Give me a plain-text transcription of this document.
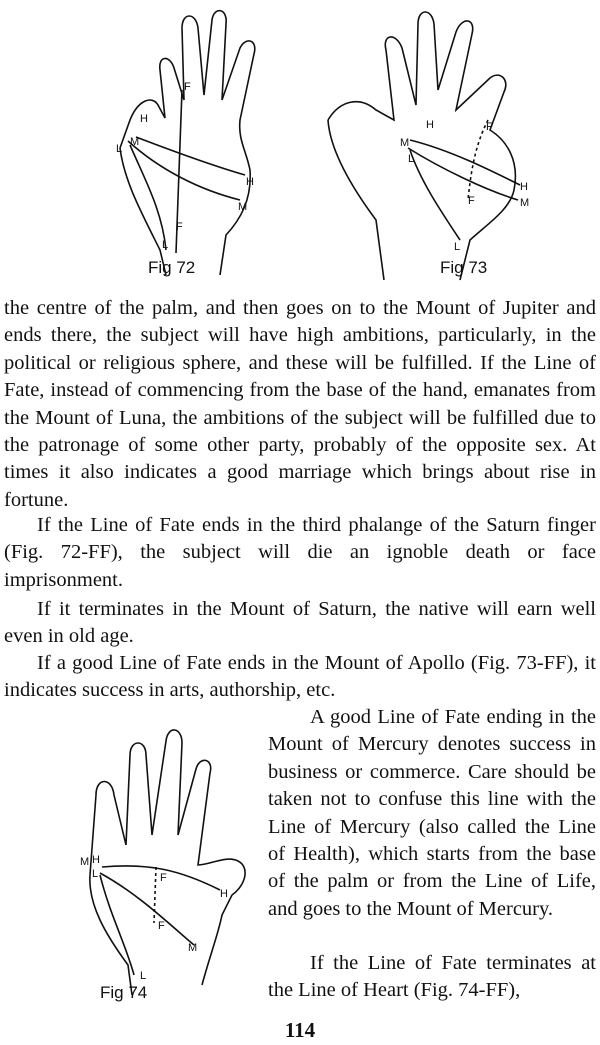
F
H
L
M
H
M
F
L
Fig 72
H	F
M
L
H
M
F
L
Fig 73

the centre of the palm, and then goes on to the Mount of Jupiter and ends there, the subject will have high ambitions, particularly, in the political or religious sphere, and these will be fulfilled. If the Line of Fate, instead of commencing from the base of the hand, emanates from the Mount of Luna, the ambitions of the subject will be fulfilled due to the patronage of some other party, probably of the opposite sex. At times it also indicates a good marriage which brings about rise in fortune.

If the Line of Fate ends in the third phalange of the Saturn finger (Fig. 72-FF), the subject will die an ignoble death or face imprisonment.

If it terminates in the Mount of Saturn, the native will earn well even in old age.

If a good Line of Fate ends in the Mount of Apollo (Fig. 73-FF), it indicates success in arts, authorship, etc.

M H
L	F
H
F
M
L
Fig 74

A good Line of Fate ending in the Mount of Mercury denotes success in business or commerce. Care should be taken not to confuse this line with the Line of Mercury (also called the Line of Health), which starts from the base of the palm or from the Line of Life, and goes to the Mount of Mercury.

If the Line of Fate terminates at the Line of Heart (Fig. 74-FF),

114
